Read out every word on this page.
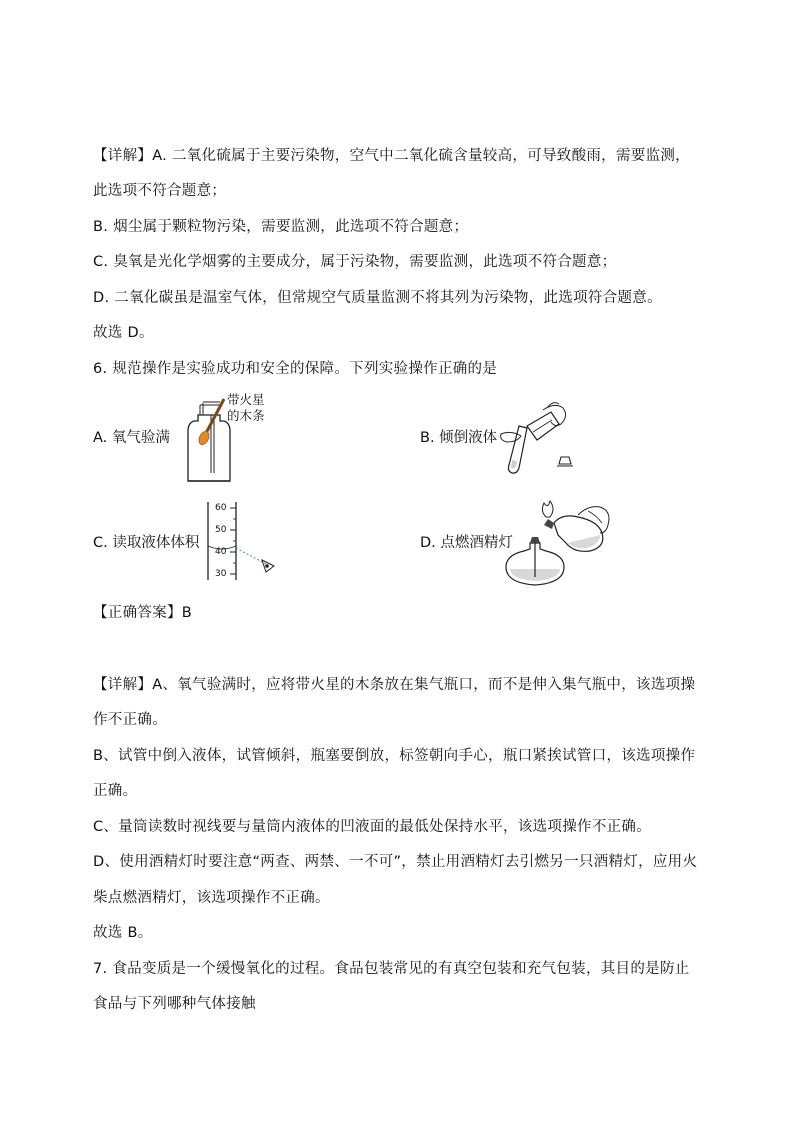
【详解】A. 二氧化硫属于主要污染物，空气中二氧化硫含量较高，可导致酸雨，需要监测，
此选项不符合题意；
B. 烟尘属于颗粒物污染，需要监测，此选项不符合题意；
C. 臭氧是光化学烟雾的主要成分，属于污染物，需要监测，此选项不符合题意；
D. 二氧化碳虽是温室气体，但常规空气质量监测不将其列为污染物，此选项符合题意。
故选 D。
6. 规范操作是实验成功和安全的保障。下列实验操作正确的是
A. 氧气验满	B. 倾倒液体
C. 读取液体体积	D. 点燃酒精灯
带火星
的木条
60
50
40
30
【正确答案】B
【详解】A、氧气验满时，应将带火星的木条放在集气瓶口，而不是伸入集气瓶中，该选项操
作不正确。
B、试管中倒入液体，试管倾斜，瓶塞要倒放，标签朝向手心，瓶口紧挨试管口，该选项操作
正确。
C、量筒读数时视线要与量筒内液体的凹液面的最低处保持水平，该选项操作不正确。
D、使用酒精灯时要注意“两查、两禁、一不可”，禁止用酒精灯去引燃另一只酒精灯，应用火
柴点燃酒精灯，该选项操作不正确。
故选 B。
7. 食品变质是一个缓慢氧化的过程。食品包装常见的有真空包装和充气包装，其目的是防止
食品与下列哪种气体接触
